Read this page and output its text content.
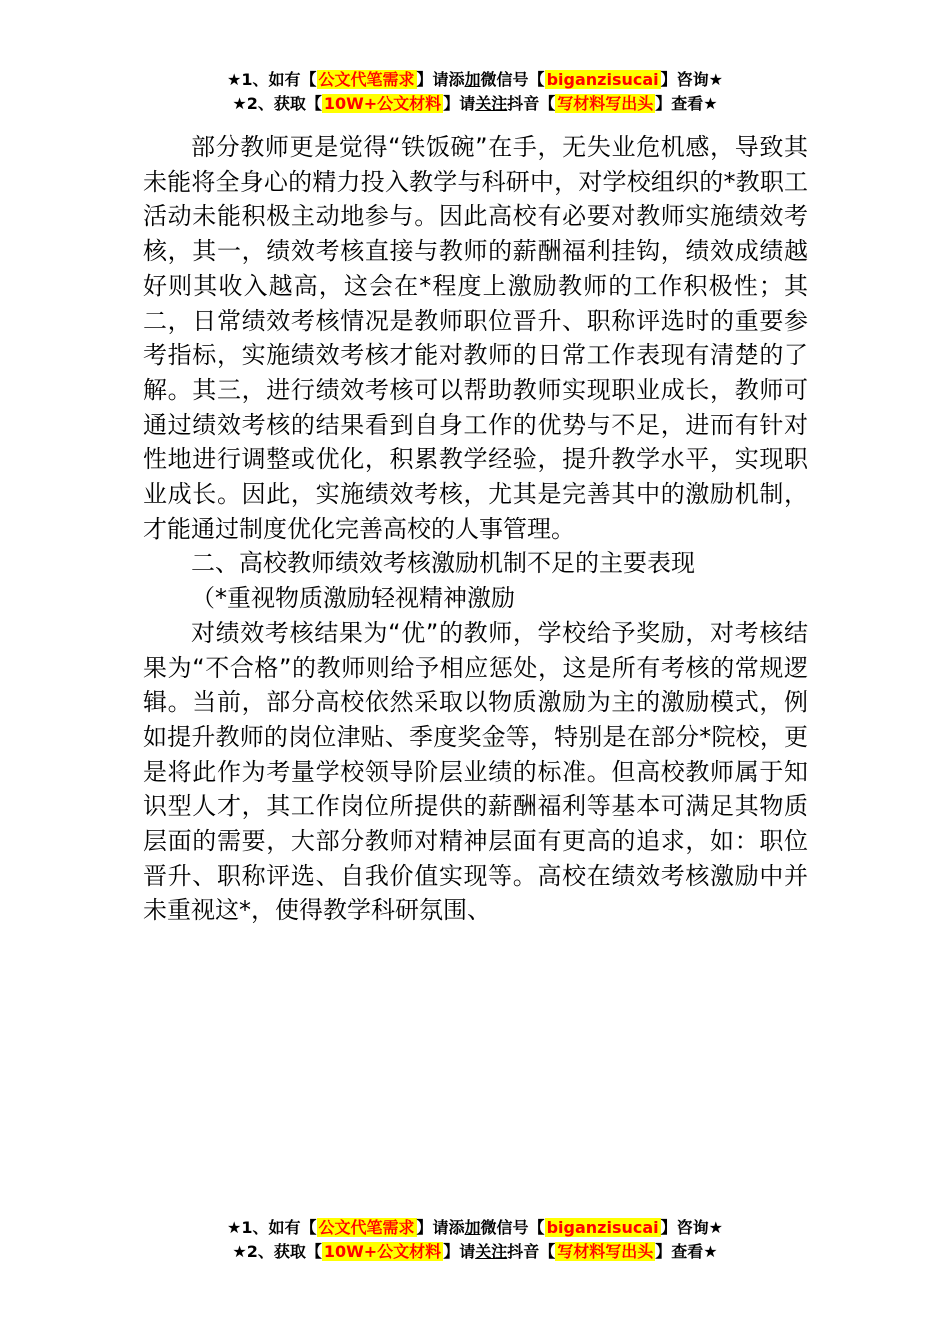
★1、如有【 公文代笔需求 】请添加微信号【 biganzisucai 】咨询★
★2、获取【 10W+公文材料 】请关注抖音【 写材料写出头 】查看★

部分教师更是觉得“铁饭碗”在手，无失业危机感，导致其未能将全身心的精力投入教学与科研中，对学校组织的*教职工活动未能积极主动地参与。因此高校有必要对教师实施绩效考核，其一，绩效考核直接与教师的薪酬福利挂钩，绩效成绩越好则其收入越高，这会在*程度上激励教师的工作积极性；其二，日常绩效考核情况是教师职位晋升、职称评选时的重要参考指标，实施绩效考核才能对教师的日常工作表现有清楚的了解。其三，进行绩效考核可以帮助教师实现职业成长，教师可通过绩效考核的结果看到自身工作的优势与不足，进而有针对性地进行调整或优化，积累教学经验，提升教学水平，实现职业成长。因此，实施绩效考核，尤其是完善其中的激励机制，才能通过制度优化完善高校的人事管理。

二、高校教师绩效考核激励机制不足的主要表现

（*重视物质激励轻视精神激励

对绩效考核结果为“优”的教师，学校给予奖励，对考核结果为“不合格”的教师则给予相应惩处，这是所有考核的常规逻辑。当前，部分高校依然采取以物质激励为主的激励模式，例如提升教师的岗位津贴、季度奖金等，特别是在部分*院校，更是将此作为考量学校领导阶层业绩的标准。但高校教师属于知识型人才，其工作岗位所提供的薪酬福利等基本可满足其物质层面的需要，大部分教师对精神层面有更高的追求，如：职位晋升、职称评选、自我价值实现等。高校在绩效考核激励中并未重视这*，使得教学科研氛围、

★1、如有【 公文代笔需求 】请添加微信号【 biganzisucai 】咨询★
★2、获取【 10W+公文材料 】请关注抖音【 写材料写出头 】查看★
